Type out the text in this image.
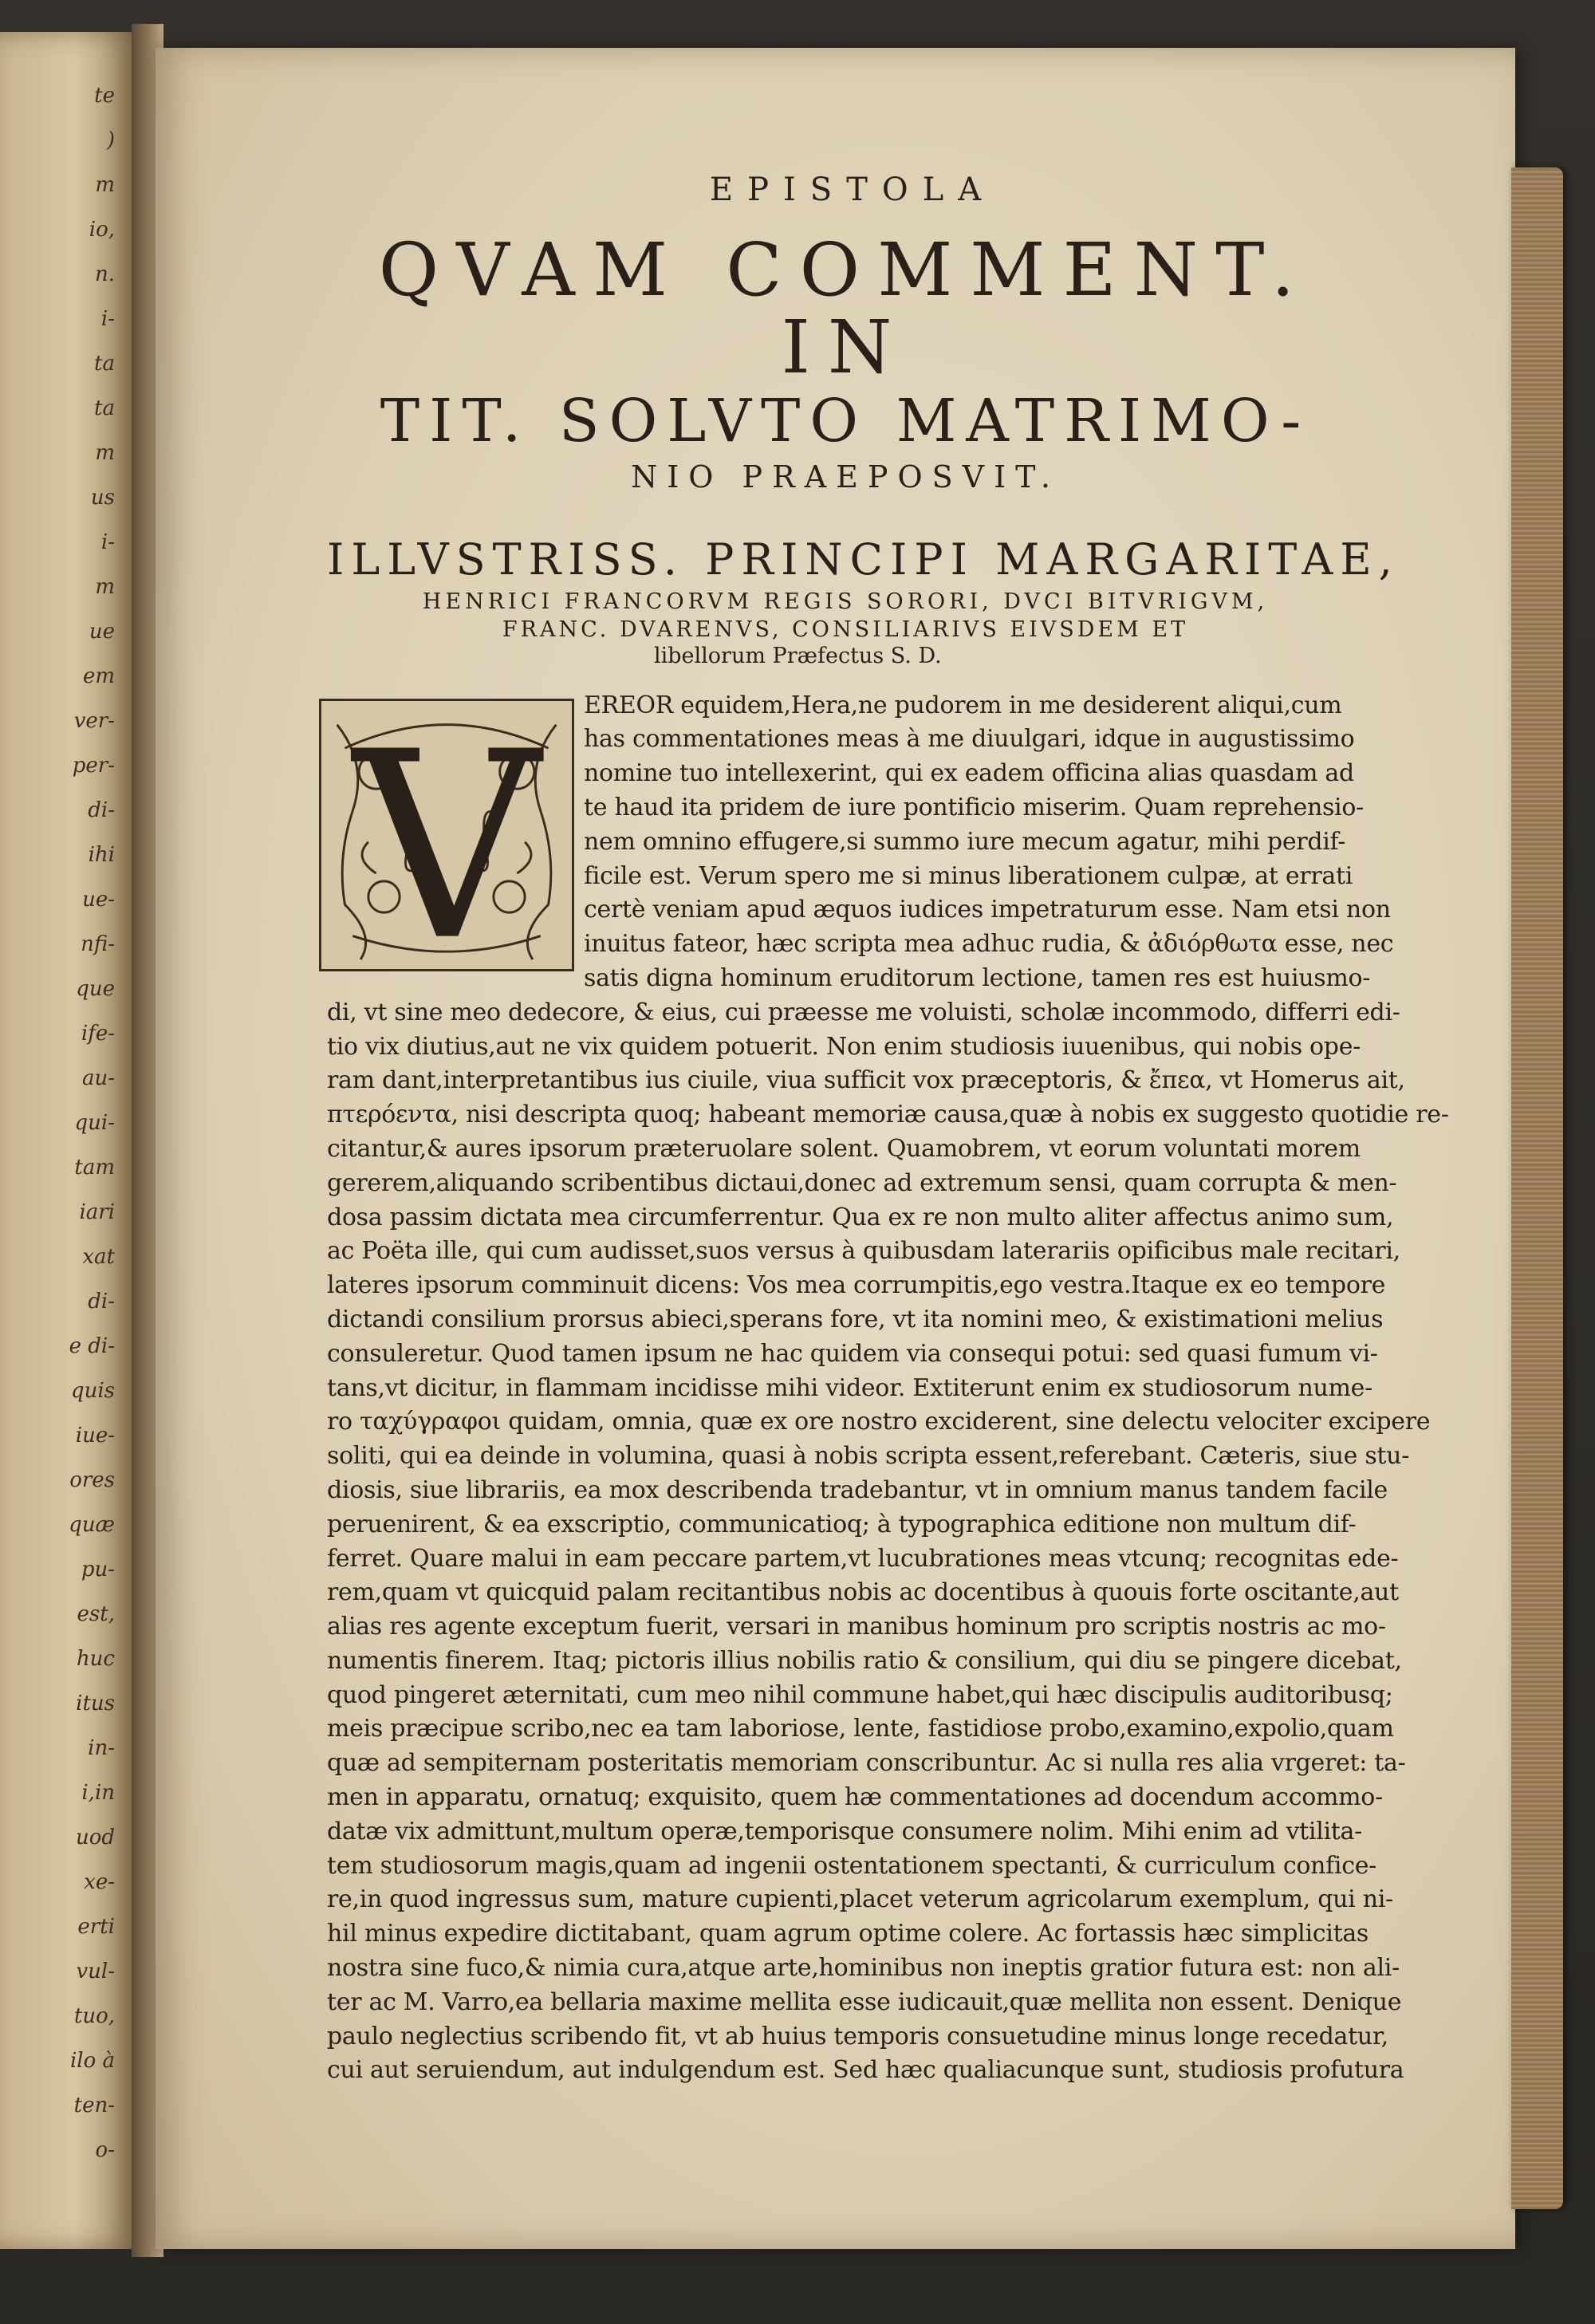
te
)
m
io,
n.
i-
ta
ta
m
us
i-
m
ue
em
ver-
per-
di-
ihi
ue-
nfi-
que
ife-
au-
qui-
tam
iari
xat
di-
e di-
quis
iue-
ores
quæ
pu-
est,
huc
itus
in-
i,in
uod
xe-
erti
vul-
tuo,
ilo à
ten-
o-
EPISTOLA
QVAM COMMENT. IN
TIT. SOLVTO MATRIMO-
NIO PRAEPOSVIT.
ILLVSTRISS. PRINCIPI MARGARITAE,
HENRICI FRANCORVM REGIS SORORI, DVCI BITVRIGVM,
FRANC. DVARENVS, CONSILIARIVS EIVSDEM ET
libellorum Præfectus S. D.
V	EREOR equidem,Hera,ne pudorem in me desiderent aliqui,cum
has commentationes meas à me diuulgari, idque in augustissimo
nomine tuo intellexerint, qui ex eadem officina alias quasdam ad
te haud ita pridem de iure pontificio miserim. Quam reprehensio-
nem omnino effugere,si summo iure mecum agatur, mihi perdif-
ficile est. Verum spero me si minus liberationem culpæ, at errati
certè veniam apud æquos iudices impetraturum esse. Nam etsi non
inuitus fateor, hæc scripta mea adhuc rudia, & ἀδιόρθωτα esse, nec
satis digna hominum eruditorum lectione, tamen res est huiusmo-
di, vt sine meo dedecore, & eius, cui præesse me voluisti, scholæ incommodo, differri edi-
tio vix diutius,aut ne vix quidem potuerit. Non enim studiosis iuuenibus, qui nobis ope-
ram dant,interpretantibus ius ciuile, viua sufficit vox præceptoris, & ἔπεα, vt Homerus ait,
πτερόεντα, nisi descripta quoq; habeant memoriæ causa,quæ à nobis ex suggesto quotidie re-
citantur,& aures ipsorum præteruolare solent. Quamobrem, vt eorum voluntati morem
gererem,aliquando scribentibus dictaui,donec ad extremum sensi, quam corrupta & men-
dosa passim dictata mea circumferrentur. Qua ex re non multo aliter affectus animo sum,
ac Poëta ille, qui cum audisset,suos versus à quibusdam laterariis opificibus male recitari,
lateres ipsorum comminuit dicens: Vos mea corrumpitis,ego vestra.Itaque ex eo tempore
dictandi consilium prorsus abieci,sperans fore, vt ita nomini meo, & existimationi melius
consuleretur. Quod tamen ipsum ne hac quidem via consequi potui: sed quasi fumum vi-
tans,vt dicitur, in flammam incidisse mihi videor. Extiterunt enim ex studiosorum nume-
ro ταχύγραφοι quidam, omnia, quæ ex ore nostro exciderent, sine delectu velociter excipere
soliti, qui ea deinde in volumina, quasi à nobis scripta essent,referebant. Cæteris, siue stu-
diosis, siue librariis, ea mox describenda tradebantur, vt in omnium manus tandem facile
peruenirent, & ea exscriptio, communicatioq; à typographica editione non multum dif-
ferret. Quare malui in eam peccare partem,vt lucubrationes meas vtcunq; recognitas ede-
rem,quam vt quicquid palam recitantibus nobis ac docentibus à quouis forte oscitante,aut
alias res agente exceptum fuerit, versari in manibus hominum pro scriptis nostris ac mo-
numentis finerem. Itaq; pictoris illius nobilis ratio & consilium, qui diu se pingere dicebat,
quod pingeret æternitati, cum meo nihil commune habet,qui hæc discipulis auditoribusq;
meis præcipue scribo,nec ea tam laboriose, lente, fastidiose probo,examino,expolio,quam
quæ ad sempiternam posteritatis memoriam conscribuntur. Ac si nulla res alia vrgeret: ta-
men in apparatu, ornatuq; exquisito, quem hæ commentationes ad docendum accommo-
datæ vix admittunt,multum operæ,temporisque consumere nolim. Mihi enim ad vtilita-
tem studiosorum magis,quam ad ingenii ostentationem spectanti, & curriculum confice-
re,in quod ingressus sum, mature cupienti,placet veterum agricolarum exemplum, qui ni-
hil minus expedire dictitabant, quam agrum optime colere. Ac fortassis hæc simplicitas
nostra sine fuco,& nimia cura,atque arte,hominibus non ineptis gratior futura est: non ali-
ter ac M. Varro,ea bellaria maxime mellita esse iudicauit,quæ mellita non essent. Denique
paulo neglectius scribendo fit, vt ab huius temporis consuetudine minus longe recedatur,
cui aut seruiendum, aut indulgendum est. Sed hæc qualiacunque sunt, studiosis profutura
